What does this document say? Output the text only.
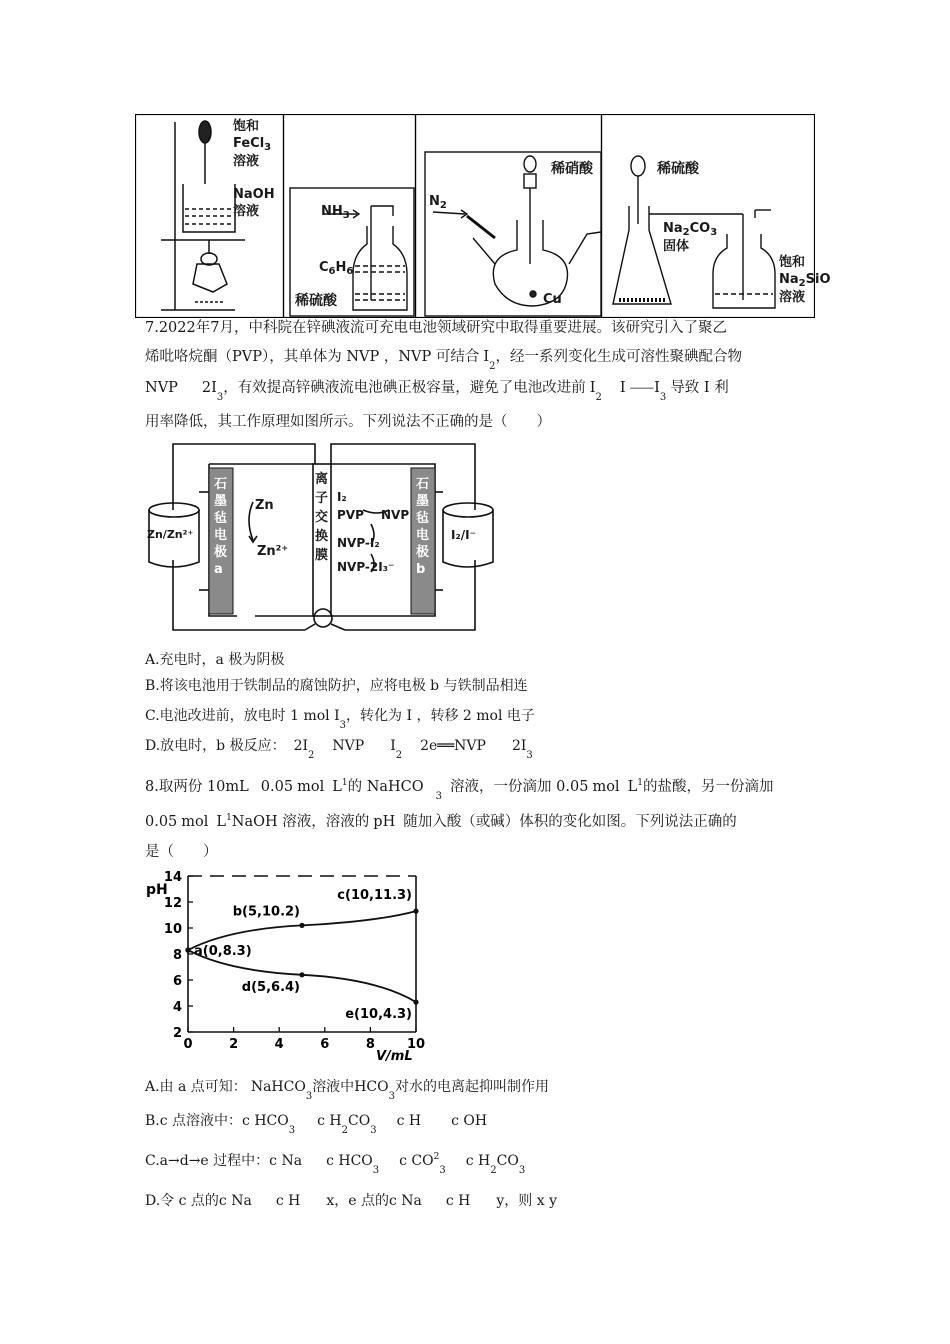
饱和
FeCl$_3$
溶液
NaOH
溶液	$NH_3$
$C_6H_6$
稀硫酸
$N_2$
稀硝酸
Cu
稀硫酸
$Na_2CO_3$
固体
饱和
$Na_2SiO$
溶液
7.2022年7月，中科院在锌碘液流可充电电池领域研究中取得重要进展。该研究引入了聚乙
烯吡咯烷酮（PVP），其单体为 NVP ，NVP 可结合 $I_2$，经一系列变化生成可溶性聚碘配合物
NVP $2I_3$，有效提高锌碘液流电池碘正极容量，避免了电池改进前 $I_2I$ $⸺I_3$导致 I 利
用率降低，其工作原理如图所示。下列说法不正确的是（　　）
Zn/Zn²⁺	I₂/I⁻
石墨毡电极a
石墨毡电极b
离子交换膜
Zn
Zn²⁺
I₂
PVP NVP
NVP-I₂
NVP-2I₃⁻
A.充电时，a 极为阴极
B.将该电池用于铁制品的腐蚀防护，应将电极 b 与铁制品相连
C.电池改进前，放电时 1 mol $I_3$，转化为 I ，转移 2 mol 电子
D.放电时，b 极反应： $2I_2NVP$ $I_22e══NVP$ $2I_3$
8.取两份 10mL 0.05 mol $L^1$的 NaHCO$_3$溶液，一份滴加 0.05 mol $L^1$的盐酸，另一份滴加
0.05 mol $L^1NaOH$ 溶液，溶液的 pH 随加入酸（或碱）体积的变化如图。下列说法正确的
是（　　）
2
4
6
8
10
12
14
0	2	4	6	8 10
pH
V/mL
a(0,8.3)
b(5,10.2)
c(10,11.3)
d(5,6.4)
e(10,4.3)
A.由 a 点可知： NaHCO$_3$溶液中$HCO_3$对水的电离起抑叫制作用
B.c 点溶液中：c $HCO_3c$ $H_2CO_3c$ H c OH
C.a→d→e 过程中：c Na c $HCO_3c$ $CO^2_3c$ $H_2CO_3$
D.令 c 点的c Na c H x，e 点的c Na c H y，则 x y
